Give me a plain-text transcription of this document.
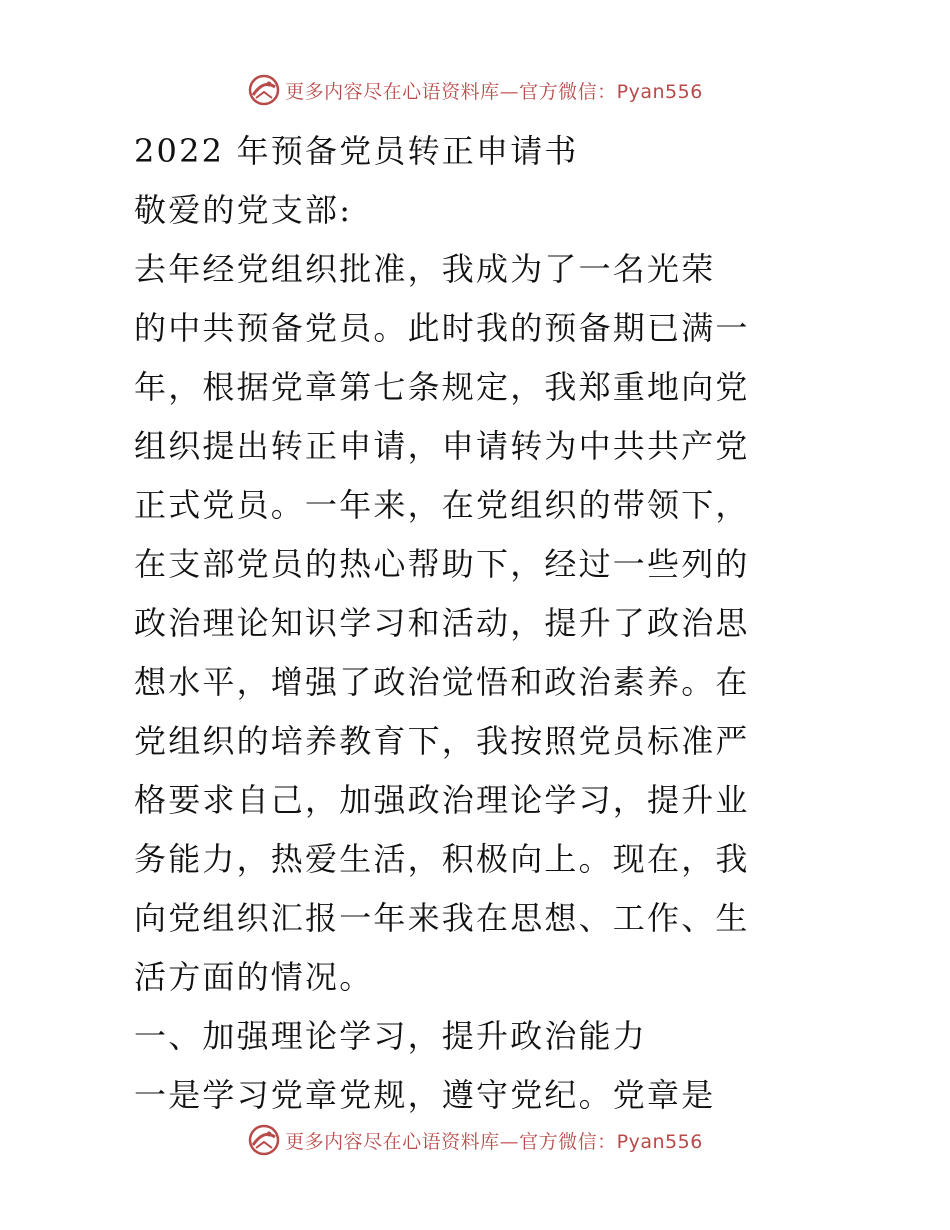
更多内容尽在心语资料库—官方微信：Pyan556
2022 年预备党员转正申请书
敬爱的党支部:
去年经党组织批准，我成为了一名光荣
的中共预备党员。此时我的预备期已满一
年，根据党章第七条规定，我郑重地向党
组织提出转正申请，申请转为中共共产党
正式党员。一年来，在党组织的带领下，
在支部党员的热心帮助下，经过一些列的
政治理论知识学习和活动，提升了政治思
想水平，增强了政治觉悟和政治素养。在
党组织的培养教育下，我按照党员标准严
格要求自己，加强政治理论学习，提升业
务能力，热爱生活，积极向上。现在，我
向党组织汇报一年来我在思想、工作、生
活方面的情况。
一、加强理论学习，提升政治能力
一是学习党章党规，遵守党纪。党章是
更多内容尽在心语资料库—官方微信：Pyan556
